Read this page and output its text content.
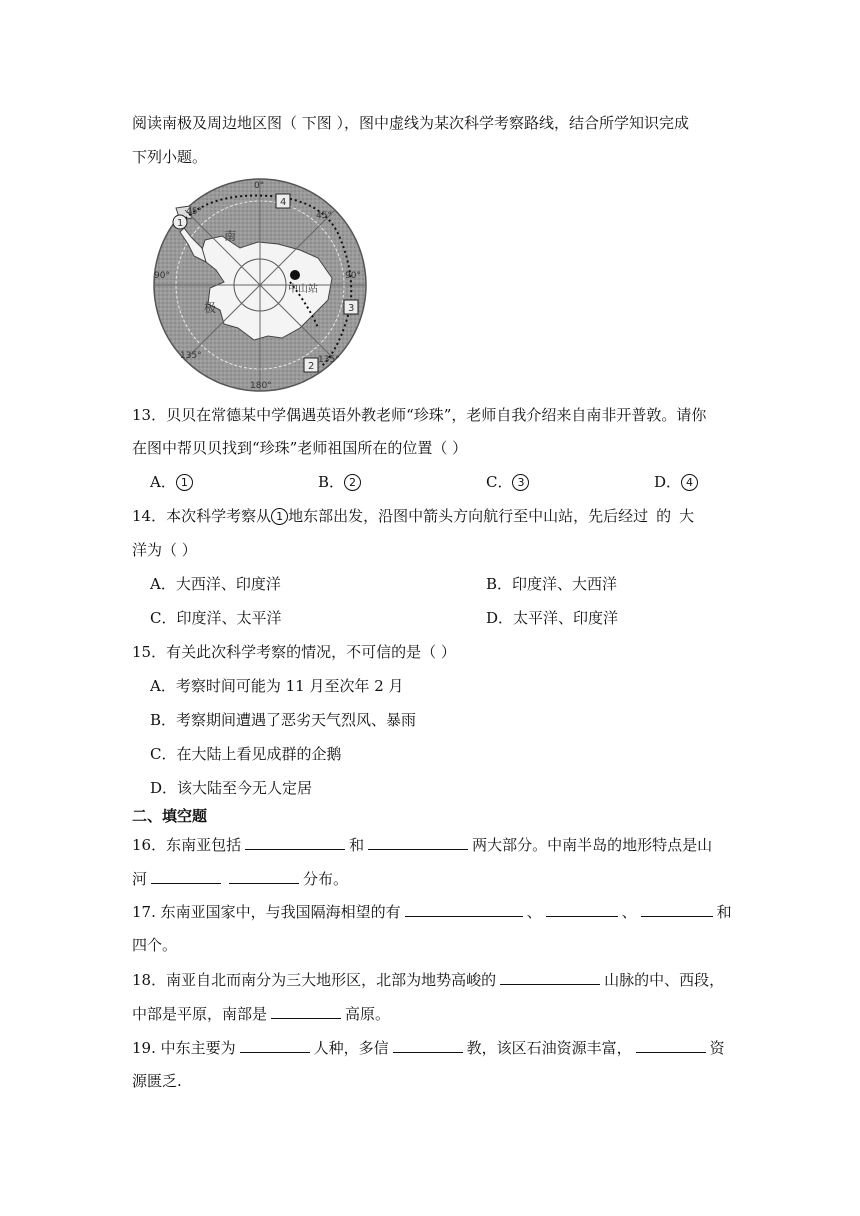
阅读南极及周边地区图（ 下图 ），图中虚线为某次科学考察路线，结合所学知识完成
下列小题。
0°
45°	45°
90°	90°
135°	135°
180°
南
极
中山站
1
4
3
2
13．贝贝在常德某中学偶遇英语外教老师“珍珠”，老师自我介绍来自南非开普敦。请你
在图中帮贝贝找到“珍珠”老师祖国所在的位置（ ）
A． 1	B． 2	C． 3	D． 4
14．本次科学考察从 1 地东部出发，沿图中箭头方向航行至中山站，先后经过 的 大
洋为（ ）
A．大西洋、印度洋	B．印度洋、大西洋
C．印度洋、太平洋	D．太平洋、印度洋
15．有关此次科学考察的情况，不可信的是（ ）
A．考察时间可能为 11 月至次年 2 月
B．考察期间遭遇了恶劣天气烈风、暴雨
C．在大陆上看见成群的企鹅
D．该大陆至今无人定居
二、填空题
16．东南亚包括	和	两大部分。中南半岛的地形特点是山
河	分布。
17. 东南亚国家中，与我国隔海相望的有	、	、	和
四个。
18．南亚自北而南分为三大地形区，北部为地势高峻的	山脉的中、西段，
中部是平原，南部是	高原。
19. 中东主要为	人种，多信	教，该区石油资源丰富，	资
源匮乏.
